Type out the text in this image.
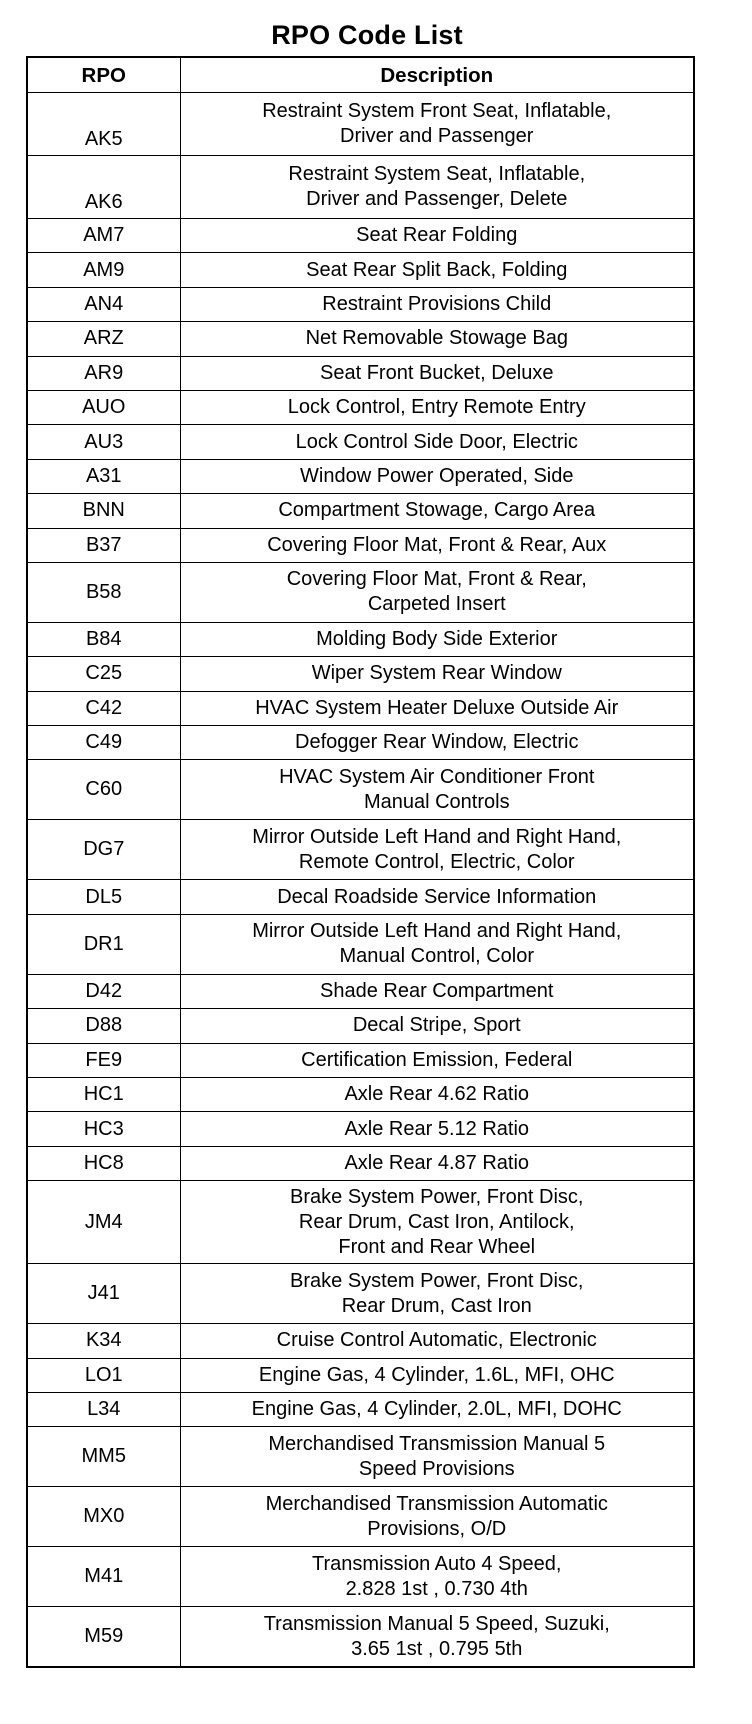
RPO Code List
RPO	Description
AK5	Restraint System Front Seat, Inflatable,
Driver and Passenger
AK6	Restraint System Seat, Inflatable,
Driver and Passenger, Delete
AM7	Seat Rear Folding
AM9	Seat Rear Split Back, Folding
AN4	Restraint Provisions Child
ARZ	Net Removable Stowage Bag
AR9	Seat Front Bucket, Deluxe
AUO	Lock Control, Entry Remote Entry
AU3	Lock Control Side Door, Electric
A31	Window Power Operated, Side
BNN	Compartment Stowage, Cargo Area
B37	Covering Floor Mat, Front & Rear, Aux
B58	Covering Floor Mat, Front & Rear,
Carpeted Insert
B84	Molding Body Side Exterior
C25	Wiper System Rear Window
C42	HVAC System Heater Deluxe Outside Air
C49	Defogger Rear Window, Electric
C60	HVAC System Air Conditioner Front
Manual Controls
DG7	Mirror Outside Left Hand and Right Hand,
Remote Control, Electric, Color
DL5	Decal Roadside Service Information
DR1	Mirror Outside Left Hand and Right Hand,
Manual Control, Color
D42	Shade Rear Compartment
D88	Decal Stripe, Sport
FE9	Certification Emission, Federal
HC1	Axle Rear 4.62 Ratio
HC3	Axle Rear 5.12 Ratio
HC8	Axle Rear 4.87 Ratio
JM4	Brake System Power, Front Disc,
Rear Drum, Cast Iron, Antilock,
Front and Rear Wheel
J41	Brake System Power, Front Disc,
Rear Drum, Cast Iron
K34	Cruise Control Automatic, Electronic
LO1	Engine Gas, 4 Cylinder, 1.6L, MFI, OHC
L34	Engine Gas, 4 Cylinder, 2.0L, MFI, DOHC
MM5	Merchandised Transmission Manual 5
Speed Provisions
MX0	Merchandised Transmission Automatic
Provisions, O/D
M41	Transmission Auto 4 Speed,
2.828 1st , 0.730 4th
M59	Transmission Manual 5 Speed, Suzuki,
3.65 1st , 0.795 5th
